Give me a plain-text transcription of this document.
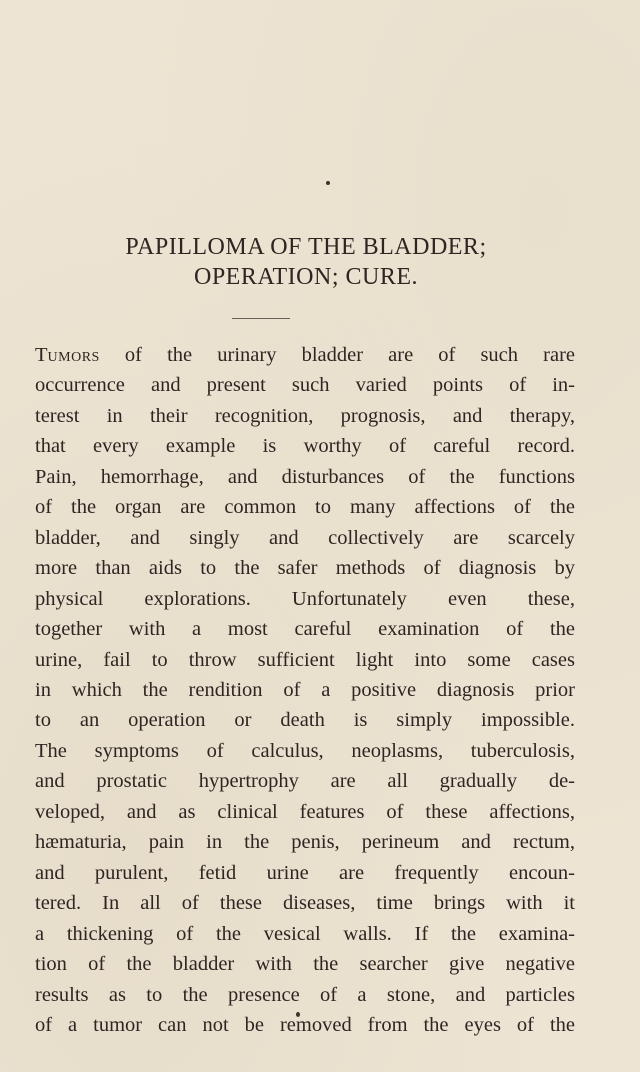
PAPILLOMA OF THE BLADDER;
OPERATION; CURE.
Tumors of the urinary bladder are of such rare
occurrence and present such varied points of in-
terest in their recognition, prognosis, and therapy,
that every example is worthy of careful record.
Pain, hemorrhage, and disturbances of the functions
of the organ are common to many affections of the
bladder, and singly and collectively are scarcely
more than aids to the safer methods of diagnosis by
physical explorations. Unfortunately even these,
together with a most careful examination of the
urine, fail to throw sufficient light into some cases
in which the rendition of a positive diagnosis prior
to an operation or death is simply impossible.
The symptoms of calculus, neoplasms, tuberculosis,
and prostatic hypertrophy are all gradually de-
veloped, and as clinical features of these affections,
hæmaturia, pain in the penis, perineum and rectum,
and purulent, fetid urine are frequently encoun-
tered. In all of these diseases, time brings with it
a thickening of the vesical walls. If the examina-
tion of the bladder with the searcher give negative
results as to the presence of a stone, and particles
of a tumor can not be removed from the eyes of the
